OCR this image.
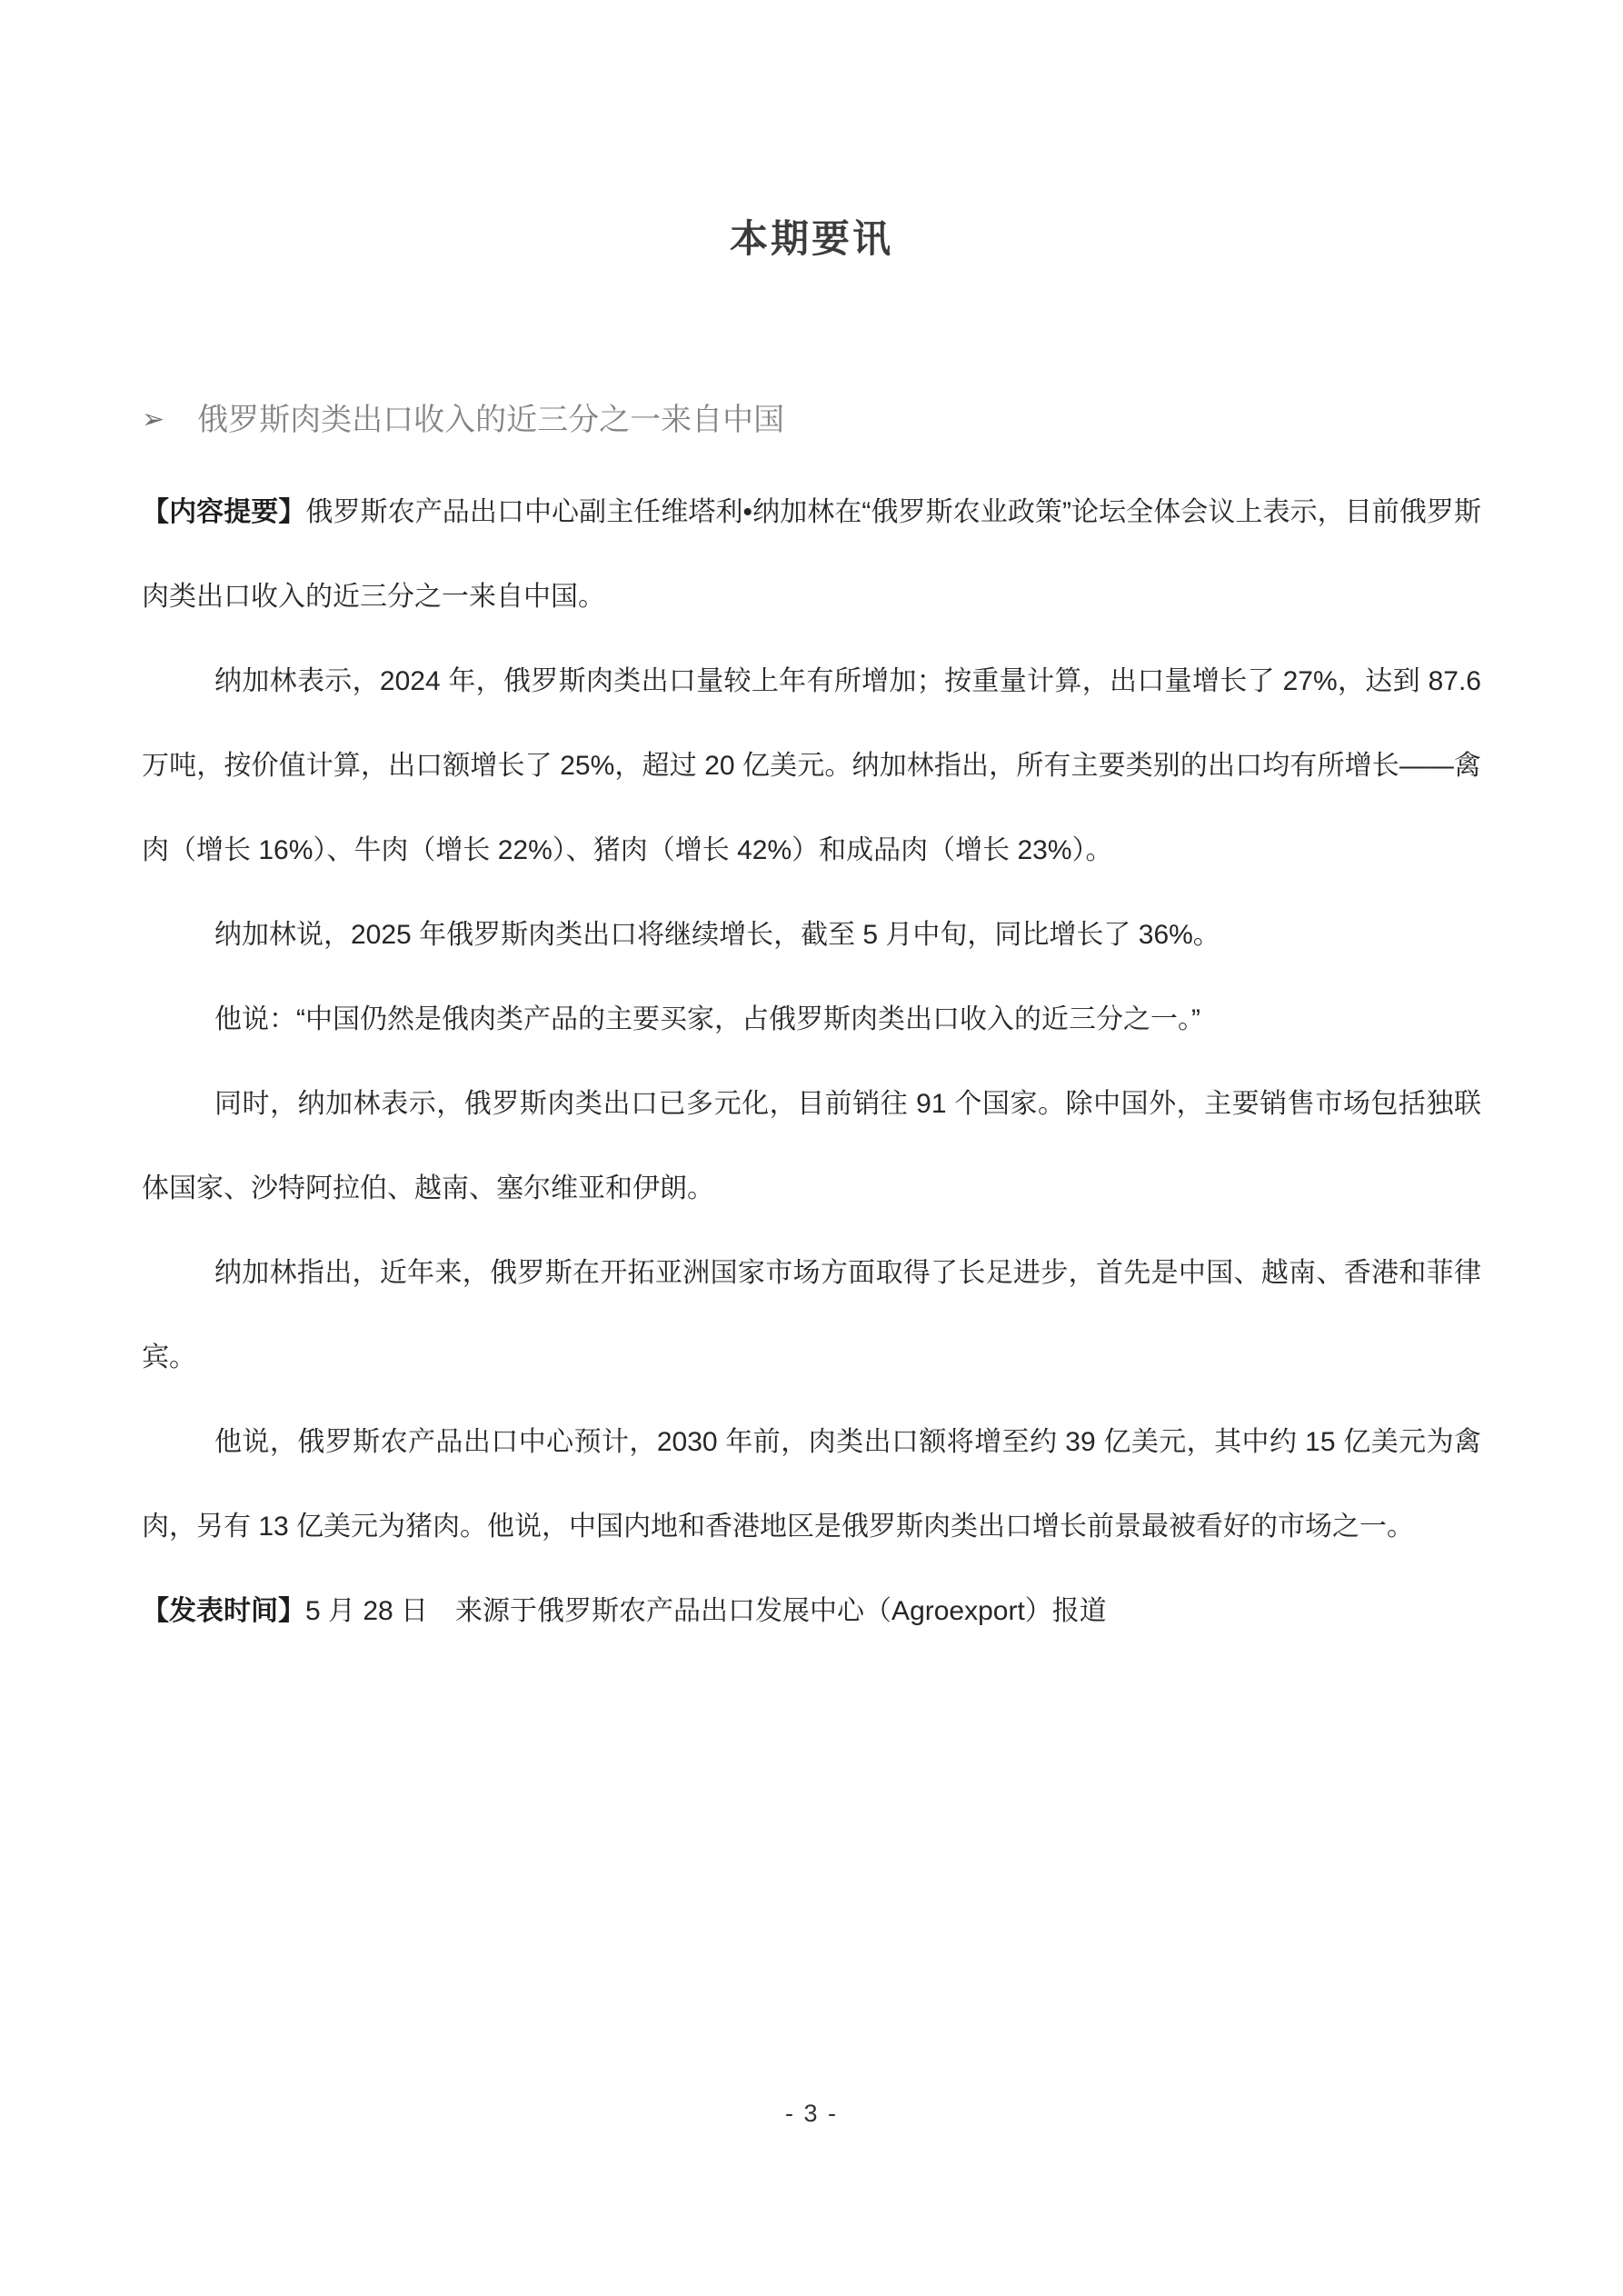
本期要讯
➢ 俄罗斯肉类出口收入的近三分之一来自中国

【内容提要】俄罗斯农产品出口中心副主任维塔利•纳加林在“俄罗斯农业政策”论坛全体会议上表示，目前俄罗斯肉类出口收入的近三分之一来自中国。

纳加林表示，2024 年，俄罗斯肉类出口量较上年有所增加；按重量计算，出口量增长了 27%，达到 87.6 万吨，按价值计算，出口额增长了 25%，超过 20 亿美元。纳加林指出，所有主要类别的出口均有所增长——禽肉（增长 16%）、牛肉（增长 22%）、猪肉（增长 42%）和成品肉（增长 23%）。

纳加林说，2025 年俄罗斯肉类出口将继续增长，截至 5 月中旬，同比增长了 36%。

他说：“中国仍然是俄肉类产品的主要买家，占俄罗斯肉类出口收入的近三分之一。”

同时，纳加林表示，俄罗斯肉类出口已多元化，目前销往 91 个国家。除中国外，主要销售市场包括独联体国家、沙特阿拉伯、越南、塞尔维亚和伊朗。

纳加林指出，近年来，俄罗斯在开拓亚洲国家市场方面取得了长足进步，首先是中国、越南、香港和菲律宾。

他说，俄罗斯农产品出口中心预计，2030 年前，肉类出口额将增至约 39 亿美元，其中约 15 亿美元为禽肉，另有 13 亿美元为猪肉。他说，中国内地和香港地区是俄罗斯肉类出口增长前景最被看好的市场之一。

【发表时间】5 月 28 日　来源于俄罗斯农产品出口发展中心（Agroexport）报道

- 3 -
